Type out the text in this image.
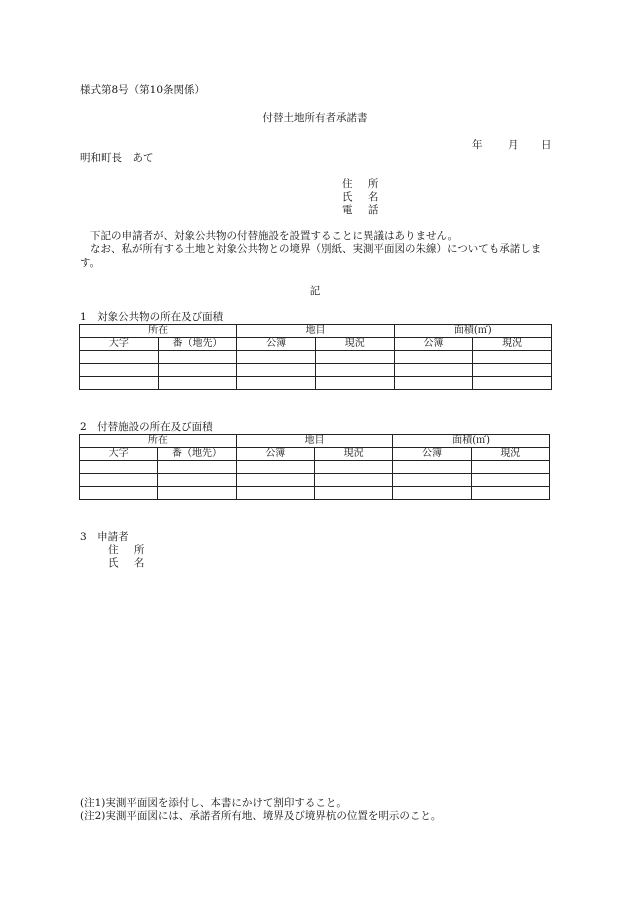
様式第8号（第10条関係）
付替土地所有者承諾書
年 月 日
明和町長　あて
住 所
氏 名
電 話
下記の申請者が、対象公共物の付替施設を設置することに異議はありません。
なお、私が所有する土地と対象公共物との境界（別紙、実測平面図の朱線）についても承諾します。
記
1　対象公共物の所在及び面積
所在		地目		面積(㎡)	
大字	番（地先）	公簿	現況	公簿	現況

2　付替施設の所在及び面積
所在		地目		面積(㎡)	
大字	番（地先）	公簿	現況	公簿	現況

3　申請者
住 所
氏 名
(注1)実測平面図を添付し、本書にかけて割印すること。
(注2)実測平面図には、承諾者所有地、境界及び境界杭の位置を明示のこと。
